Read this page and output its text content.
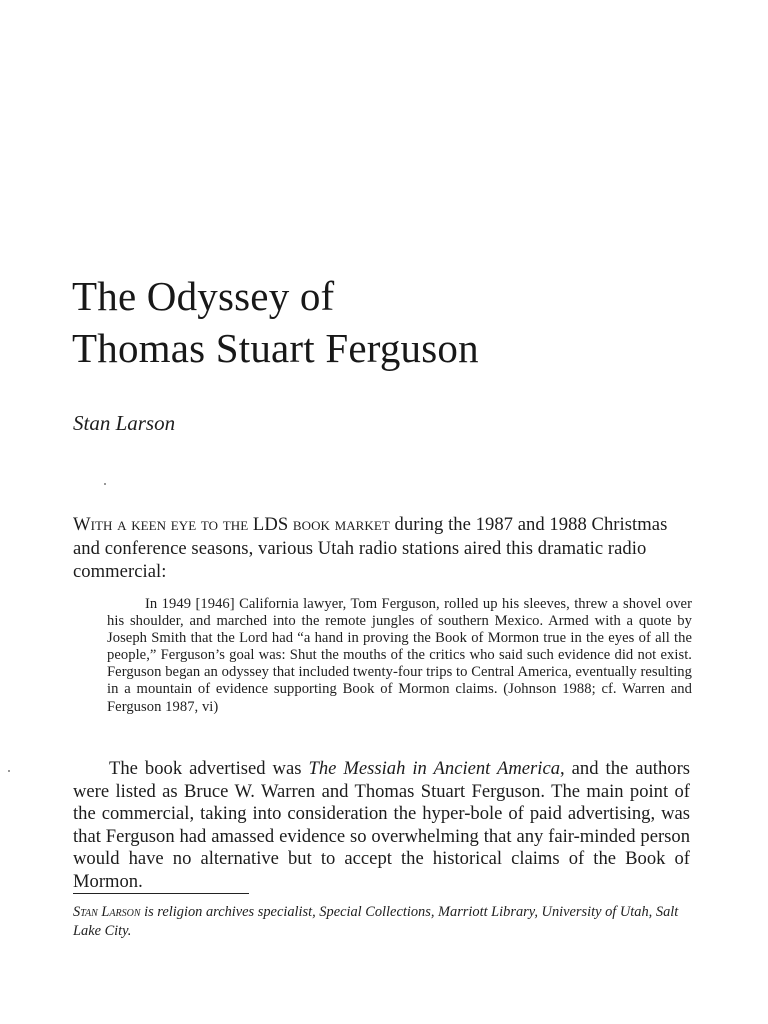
The Odyssey of
Thomas Stuart Ferguson
Stan Larson

With a keen eye to the LDS book market during the 1987 and 1988 Christmas and conference seasons, various Utah radio stations aired this dramatic radio commercial:

In 1949 [1946] California lawyer, Tom Ferguson, rolled up his sleeves, threw a shovel over his shoulder, and marched into the remote jungles of southern Mexico. Armed with a quote by Joseph Smith that the Lord had “a hand in proving the Book of Mormon true in the eyes of all the people,” Ferguson’s goal was: Shut the mouths of the critics who said such evidence did not exist. Ferguson began an odyssey that included twenty-four trips to Central America, eventually resulting in a mountain of evidence supporting Book of Mormon claims. (Johnson 1988; cf. Warren and Ferguson 1987, vi)

The book advertised was The Messiah in Ancient America, and the authors were listed as Bruce W. Warren and Thomas Stuart Ferguson. The main point of the commercial, taking into consideration the hyper-bole of paid advertising, was that Ferguson had amassed evidence so overwhelming that any fair-minded person would have no alternative but to accept the historical claims of the Book of Mormon.

Stan Larson is religion archives specialist, Special Collections, Marriott Library, University of Utah, Salt Lake City.
